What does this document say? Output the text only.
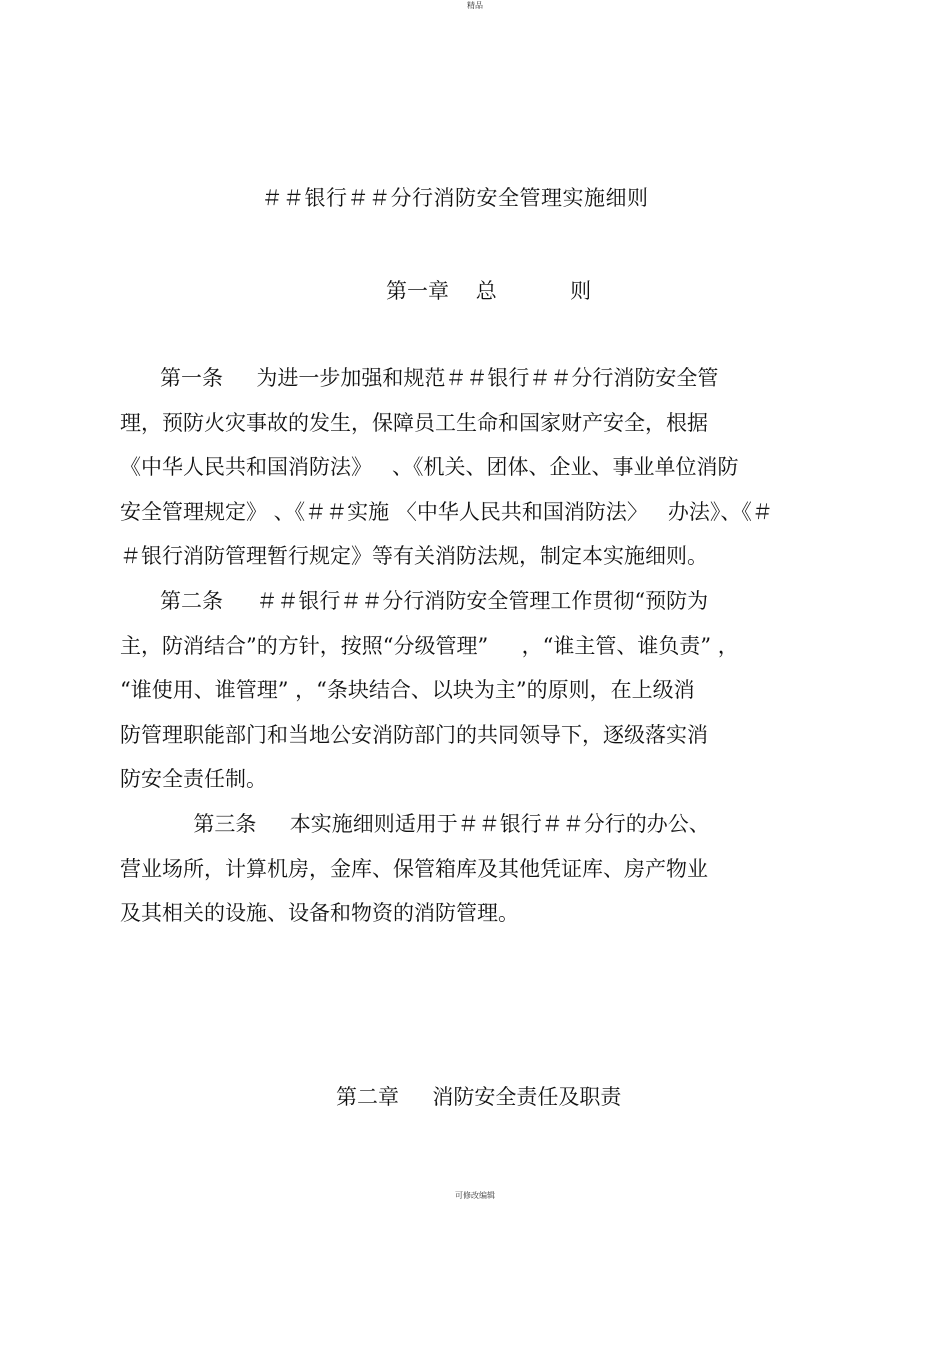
精品
＃＃银行＃＃分行消防安全管理实施细则
第一章    总           则
第一条     为进一步加强和规范＃＃银行＃＃分行消防安全管
理，预防火灾事故的发生，保障员工生命和国家财产安全，根据
《中华人民共和国消防法》   、《机关、团体、企业、事业单位消防
安全管理规定》 、《＃＃实施 〈中华人民共和国消防法〉   办法》、《＃
＃银行消防管理暂行规定》等有关消防法规，制定本实施细则。
第二条     ＃＃银行＃＃分行消防安全管理工作贯彻“预防为
主，防消结合”的方针，按照“分级管理”     ，“谁主管、谁负责” ，
“谁使用、谁管理” ，“条块结合、以块为主”的原则，在上级消
防管理职能部门和当地公安消防部门的共同领导下，逐级落实消
防安全责任制。
第三条     本实施细则适用于＃＃银行＃＃分行的办公、
营业场所，计算机房，金库、保管箱库及其他凭证库、房产物业
及其相关的设施、设备和物资的消防管理。
第二章     消防安全责任及职责
可修改编辑
